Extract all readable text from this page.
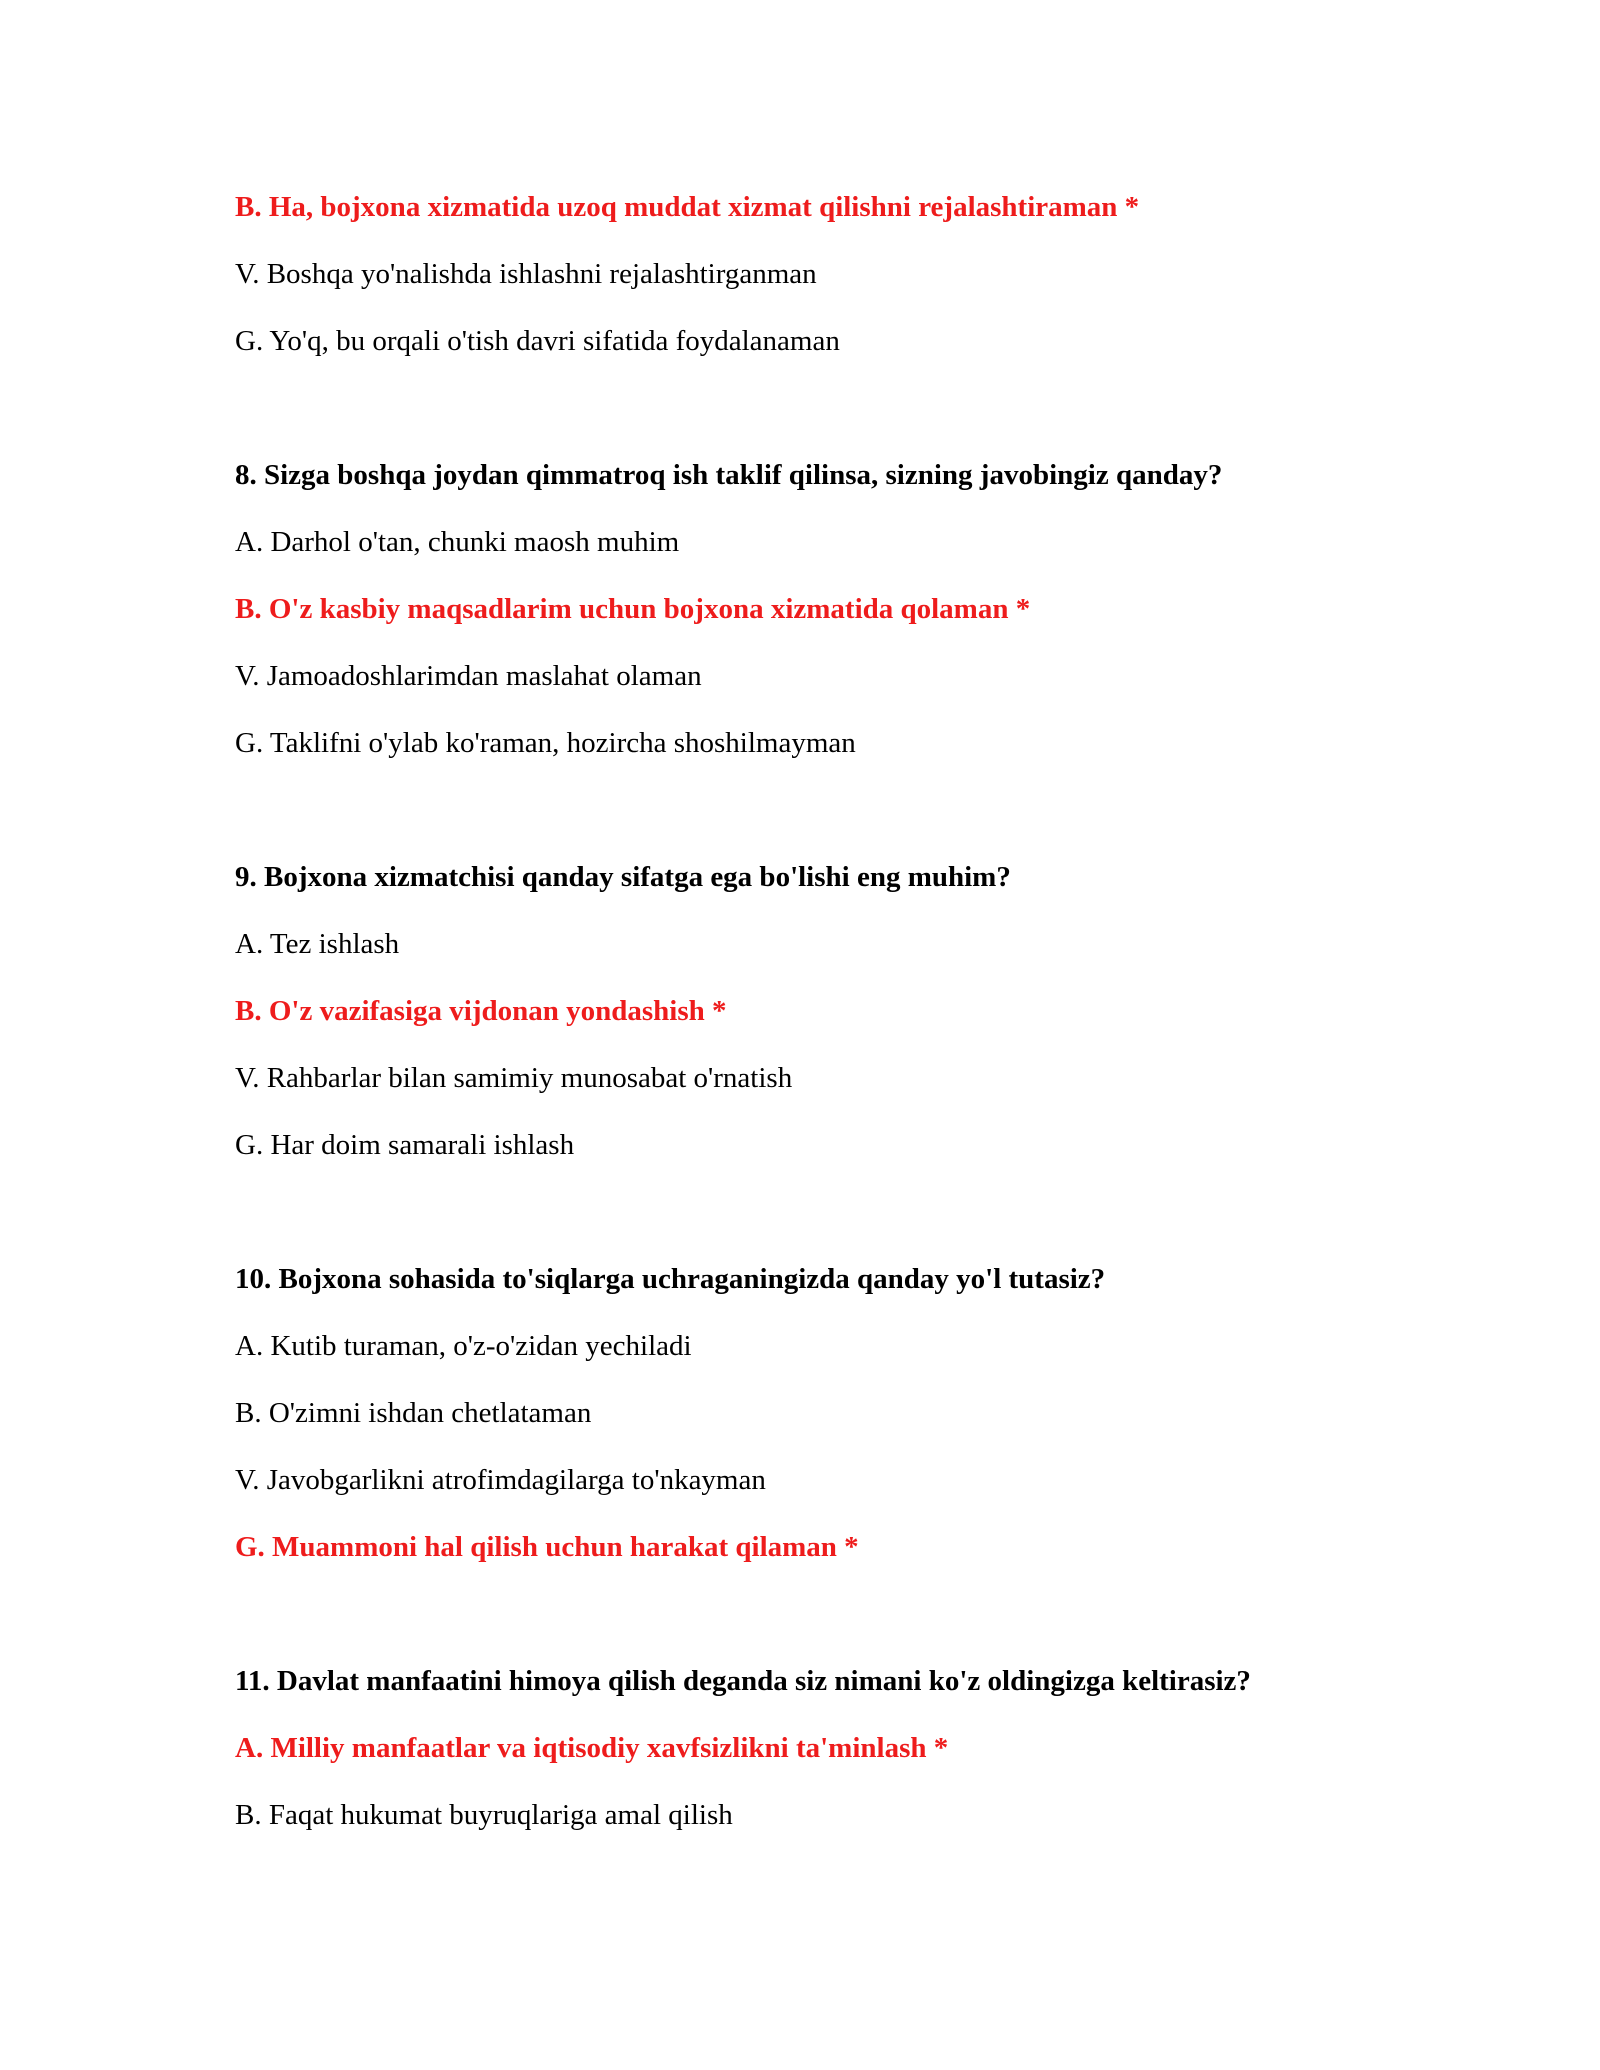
B. Ha, bojxona xizmatida uzoq muddat xizmat qilishni rejalashtiraman *

V. Boshqa yo'nalishda ishlashni rejalashtirganman

G. Yo'q, bu orqali o'tish davri sifatida foydalanaman

8. Sizga boshqa joydan qimmatroq ish taklif qilinsa, sizning javobingiz qanday?

A. Darhol o'tan, chunki maosh muhim

B. O'z kasbiy maqsadlarim uchun bojxona xizmatida qolaman *

V. Jamoadoshlarimdan maslahat olaman

G. Taklifni o'ylab ko'raman, hozircha shoshilmayman

9. Bojxona xizmatchisi qanday sifatga ega bo'lishi eng muhim?

A. Tez ishlash

B. O'z vazifasiga vijdonan yondashish *

V. Rahbarlar bilan samimiy munosabat o'rnatish

G. Har doim samarali ishlash

10. Bojxona sohasida to'siqlarga uchraganingizda qanday yo'l tutasiz?

A. Kutib turaman, o'z-o'zidan yechiladi

B. O'zimni ishdan chetlataman

V. Javobgarlikni atrofimdagilarga to'nkayman

G. Muammoni hal qilish uchun harakat qilaman *

11. Davlat manfaatini himoya qilish deganda siz nimani ko'z oldingizga keltirasiz?

A. Milliy manfaatlar va iqtisodiy xavfsizlikni ta'minlash *

B. Faqat hukumat buyruqlariga amal qilish
